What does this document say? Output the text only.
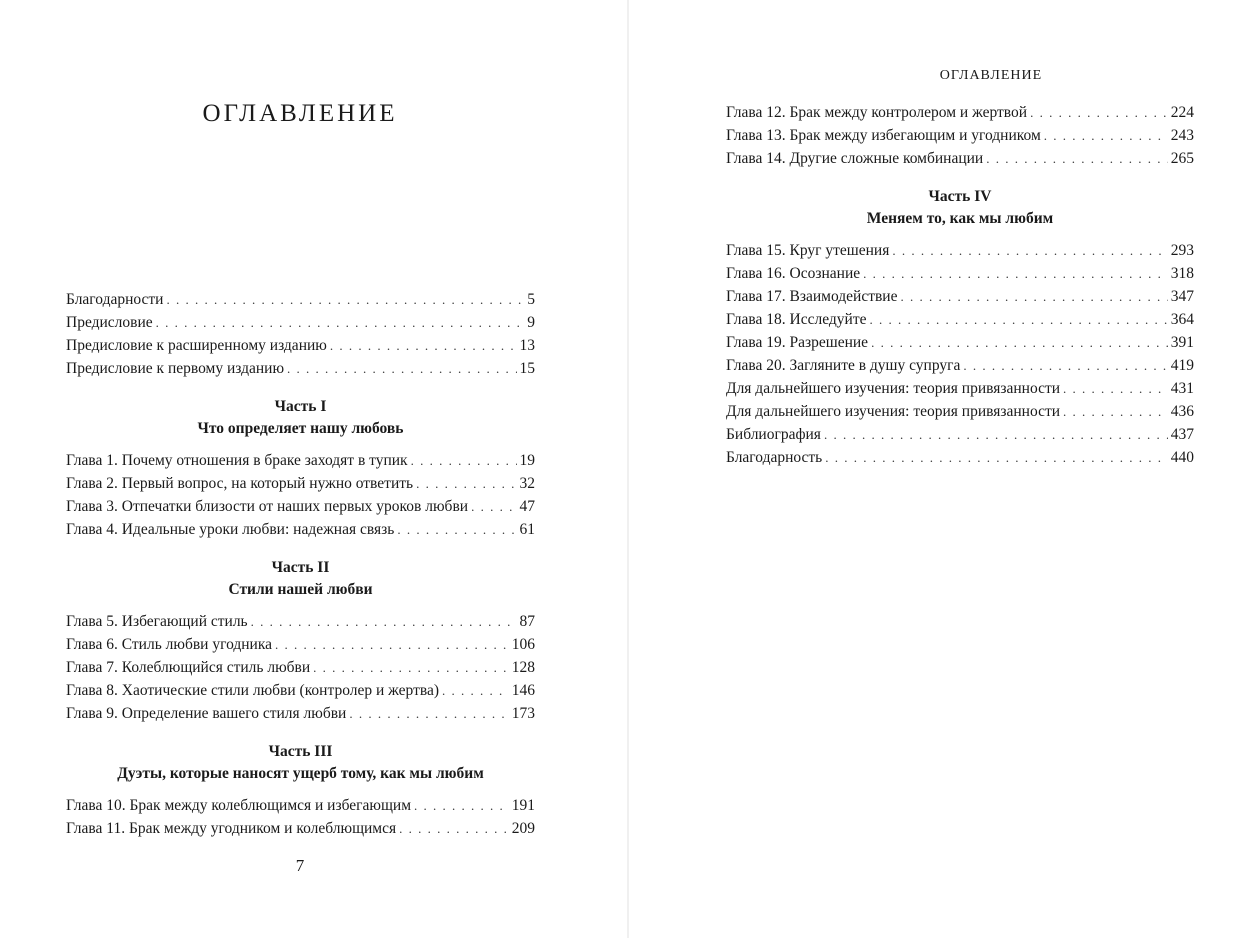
ОГЛАВЛЕНИЕ
Благодарности . . .	5
Предисловие . . .	9
Предисловие к расширенному изданию . . .	13
Предисловие к первому изданию . . .	15
Часть I
Что определяет нашу любовь
Глава 1. Почему отношения в браке заходят в тупик . . .	19
Глава 2. Первый вопрос, на который нужно ответить . . .	32
Глава 3. Отпечатки близости от наших первых уроков любви . . .	47
Глава 4. Идеальные уроки любви: надежная связь . . .	61
Часть II
Стили нашей любви
Глава 5. Избегающий стиль . . .	87
Глава 6. Стиль любви угодника . . .	106
Глава 7. Колеблющийся стиль любви . . .	128
Глава 8. Хаотические стили любви (контролер и жертва) . . .	146
Глава 9. Определение вашего стиля любви . . .	173
Часть III
Дуэты, которые наносят ущерб тому, как мы любим
Глава 10. Брак между колеблющимся и избегающим . . .	191
Глава 11. Брак между угодником и колеблющимся . . .	209
7
ОГЛАВЛЕНИЕ
Глава 12. Брак между контролером и жертвой . . .	224
Глава 13. Брак между избегающим и угодником . . .	243
Глава 14. Другие сложные комбинации . . .	265
Часть IV
Меняем то, как мы любим
Глава 15. Круг утешения . . .	293
Глава 16. Осознание . . .	318
Глава 17. Взаимодействие . . .	347
Глава 18. Исследуйте . . .	364
Глава 19. Разрешение . . .	391
Глава 20. Загляните в душу супруга . . .	419
Для дальнейшего изучения: теория привязанности . . .	431
Для дальнейшего изучения: теория привязанности . . .	436
Библиография . . .	437
Благодарность . . .	440
